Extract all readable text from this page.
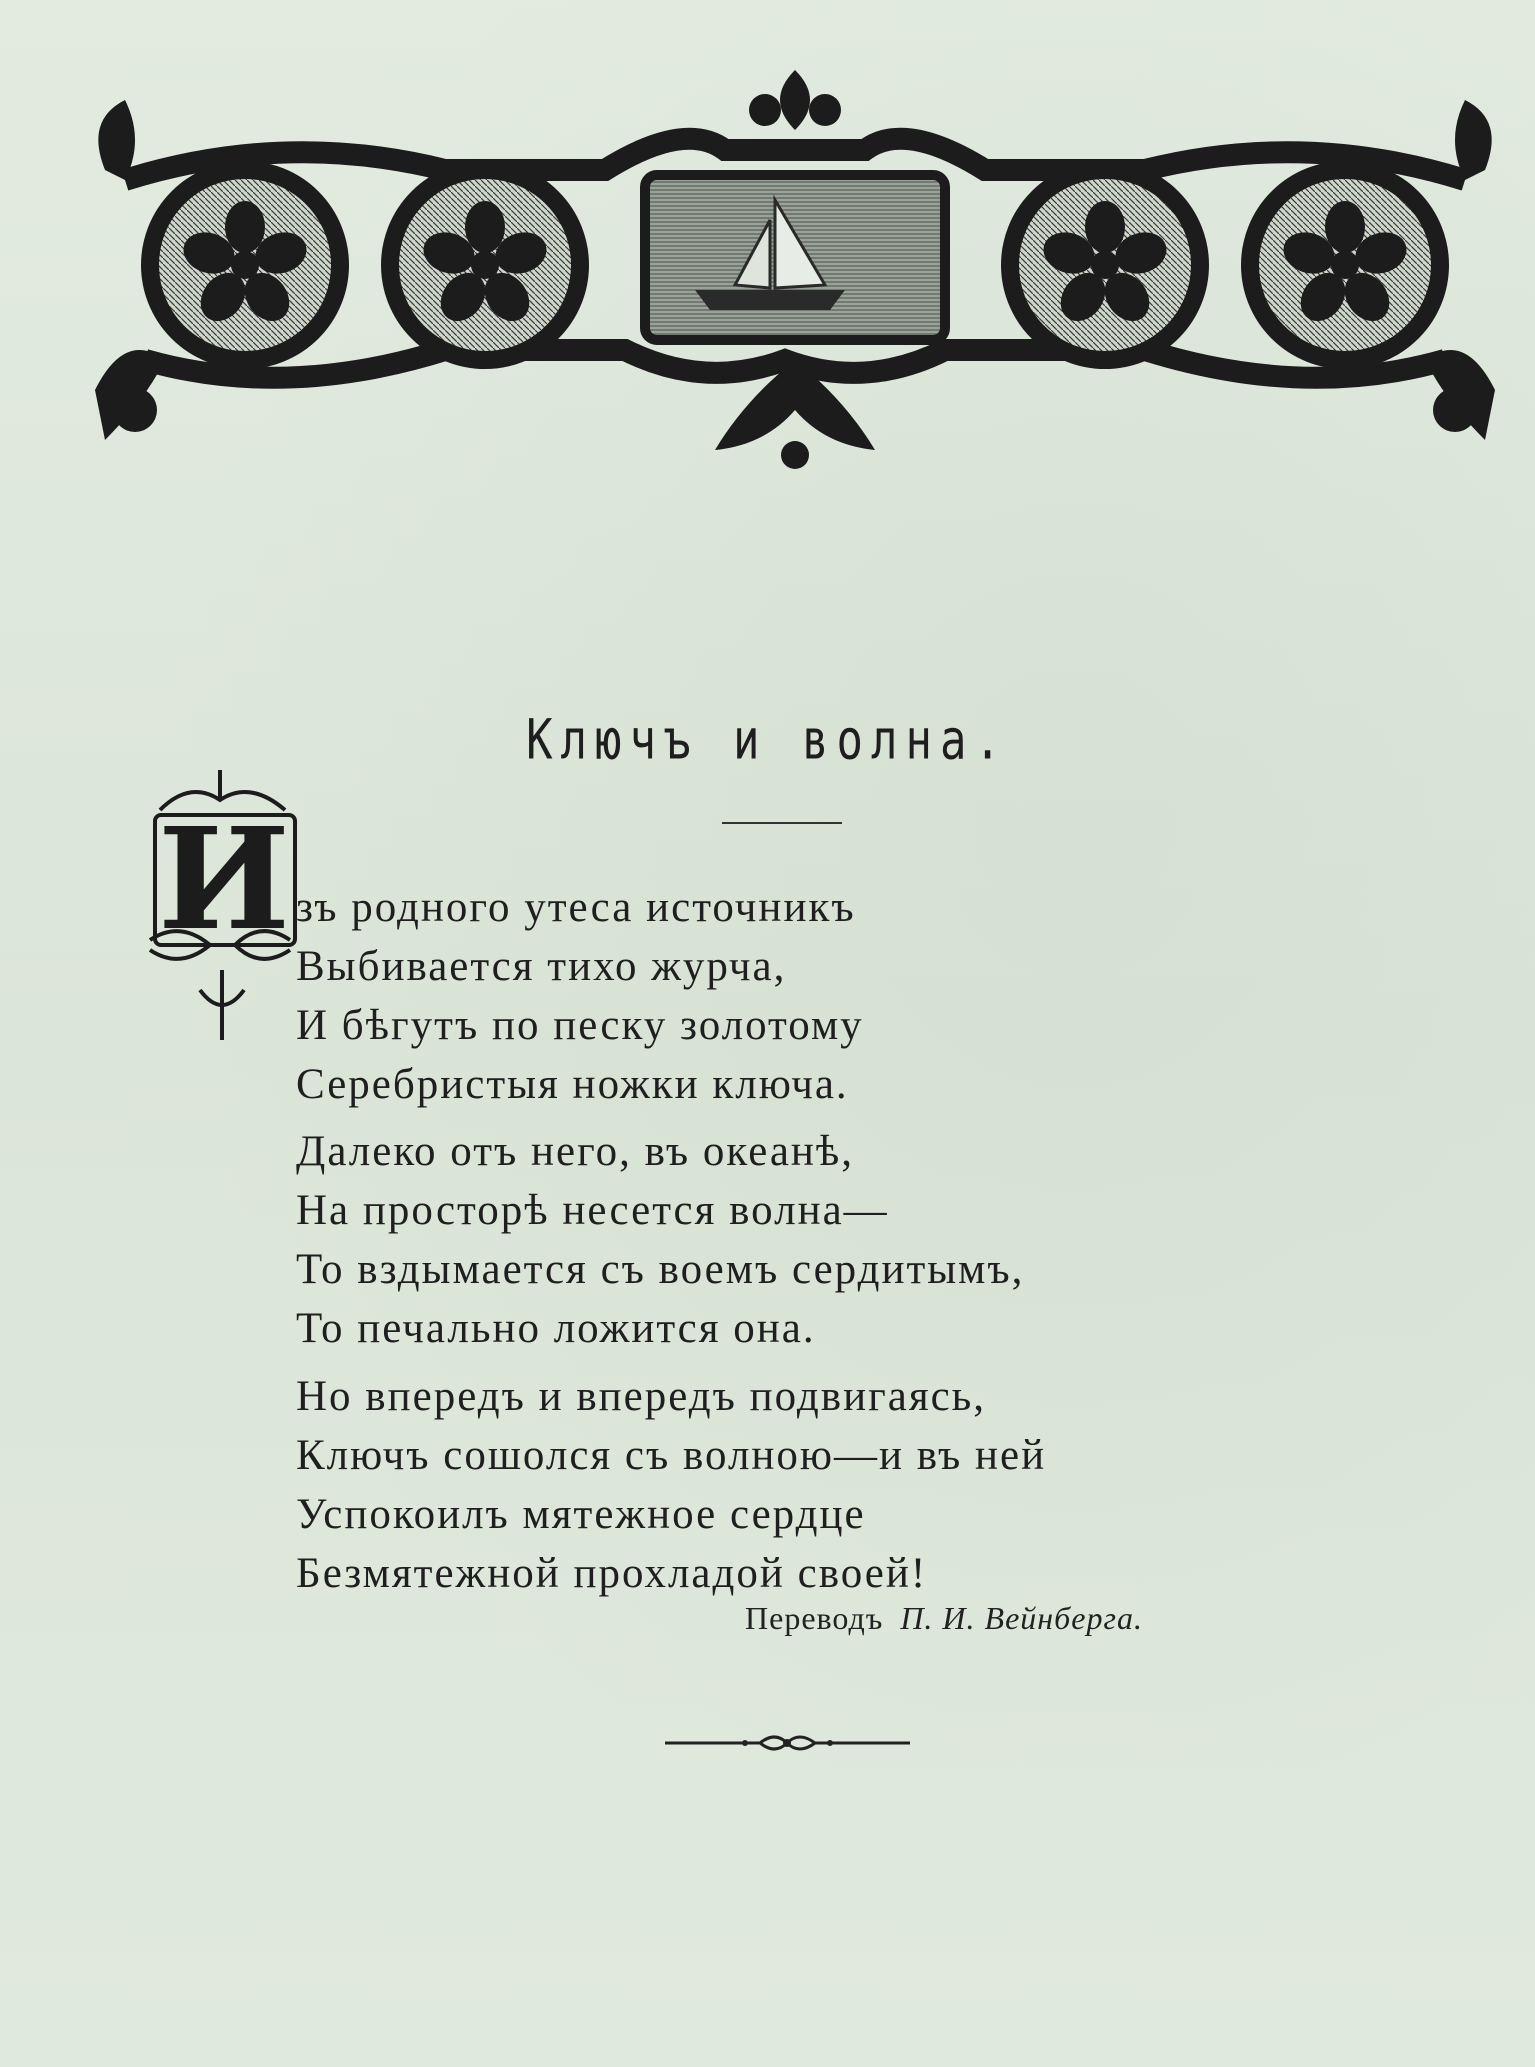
Ключъ и волна.
И зъ родного утеса источникъ
Выбивается тихо журча,
И бѣгутъ по песку золотому
Серебристыя ножки ключа.
Далеко отъ него, въ океанѣ,
На просторѣ несется волна—
То вздымается съ воемъ сердитымъ,
То печально ложится она.
Но впередъ и впередъ подвигаясь,
Ключъ сошолся съ волною—и въ ней
Успокоилъ мятежное сердце
Безмятежной прохладой своей!
Переводъ П. И. Вейнберга.
